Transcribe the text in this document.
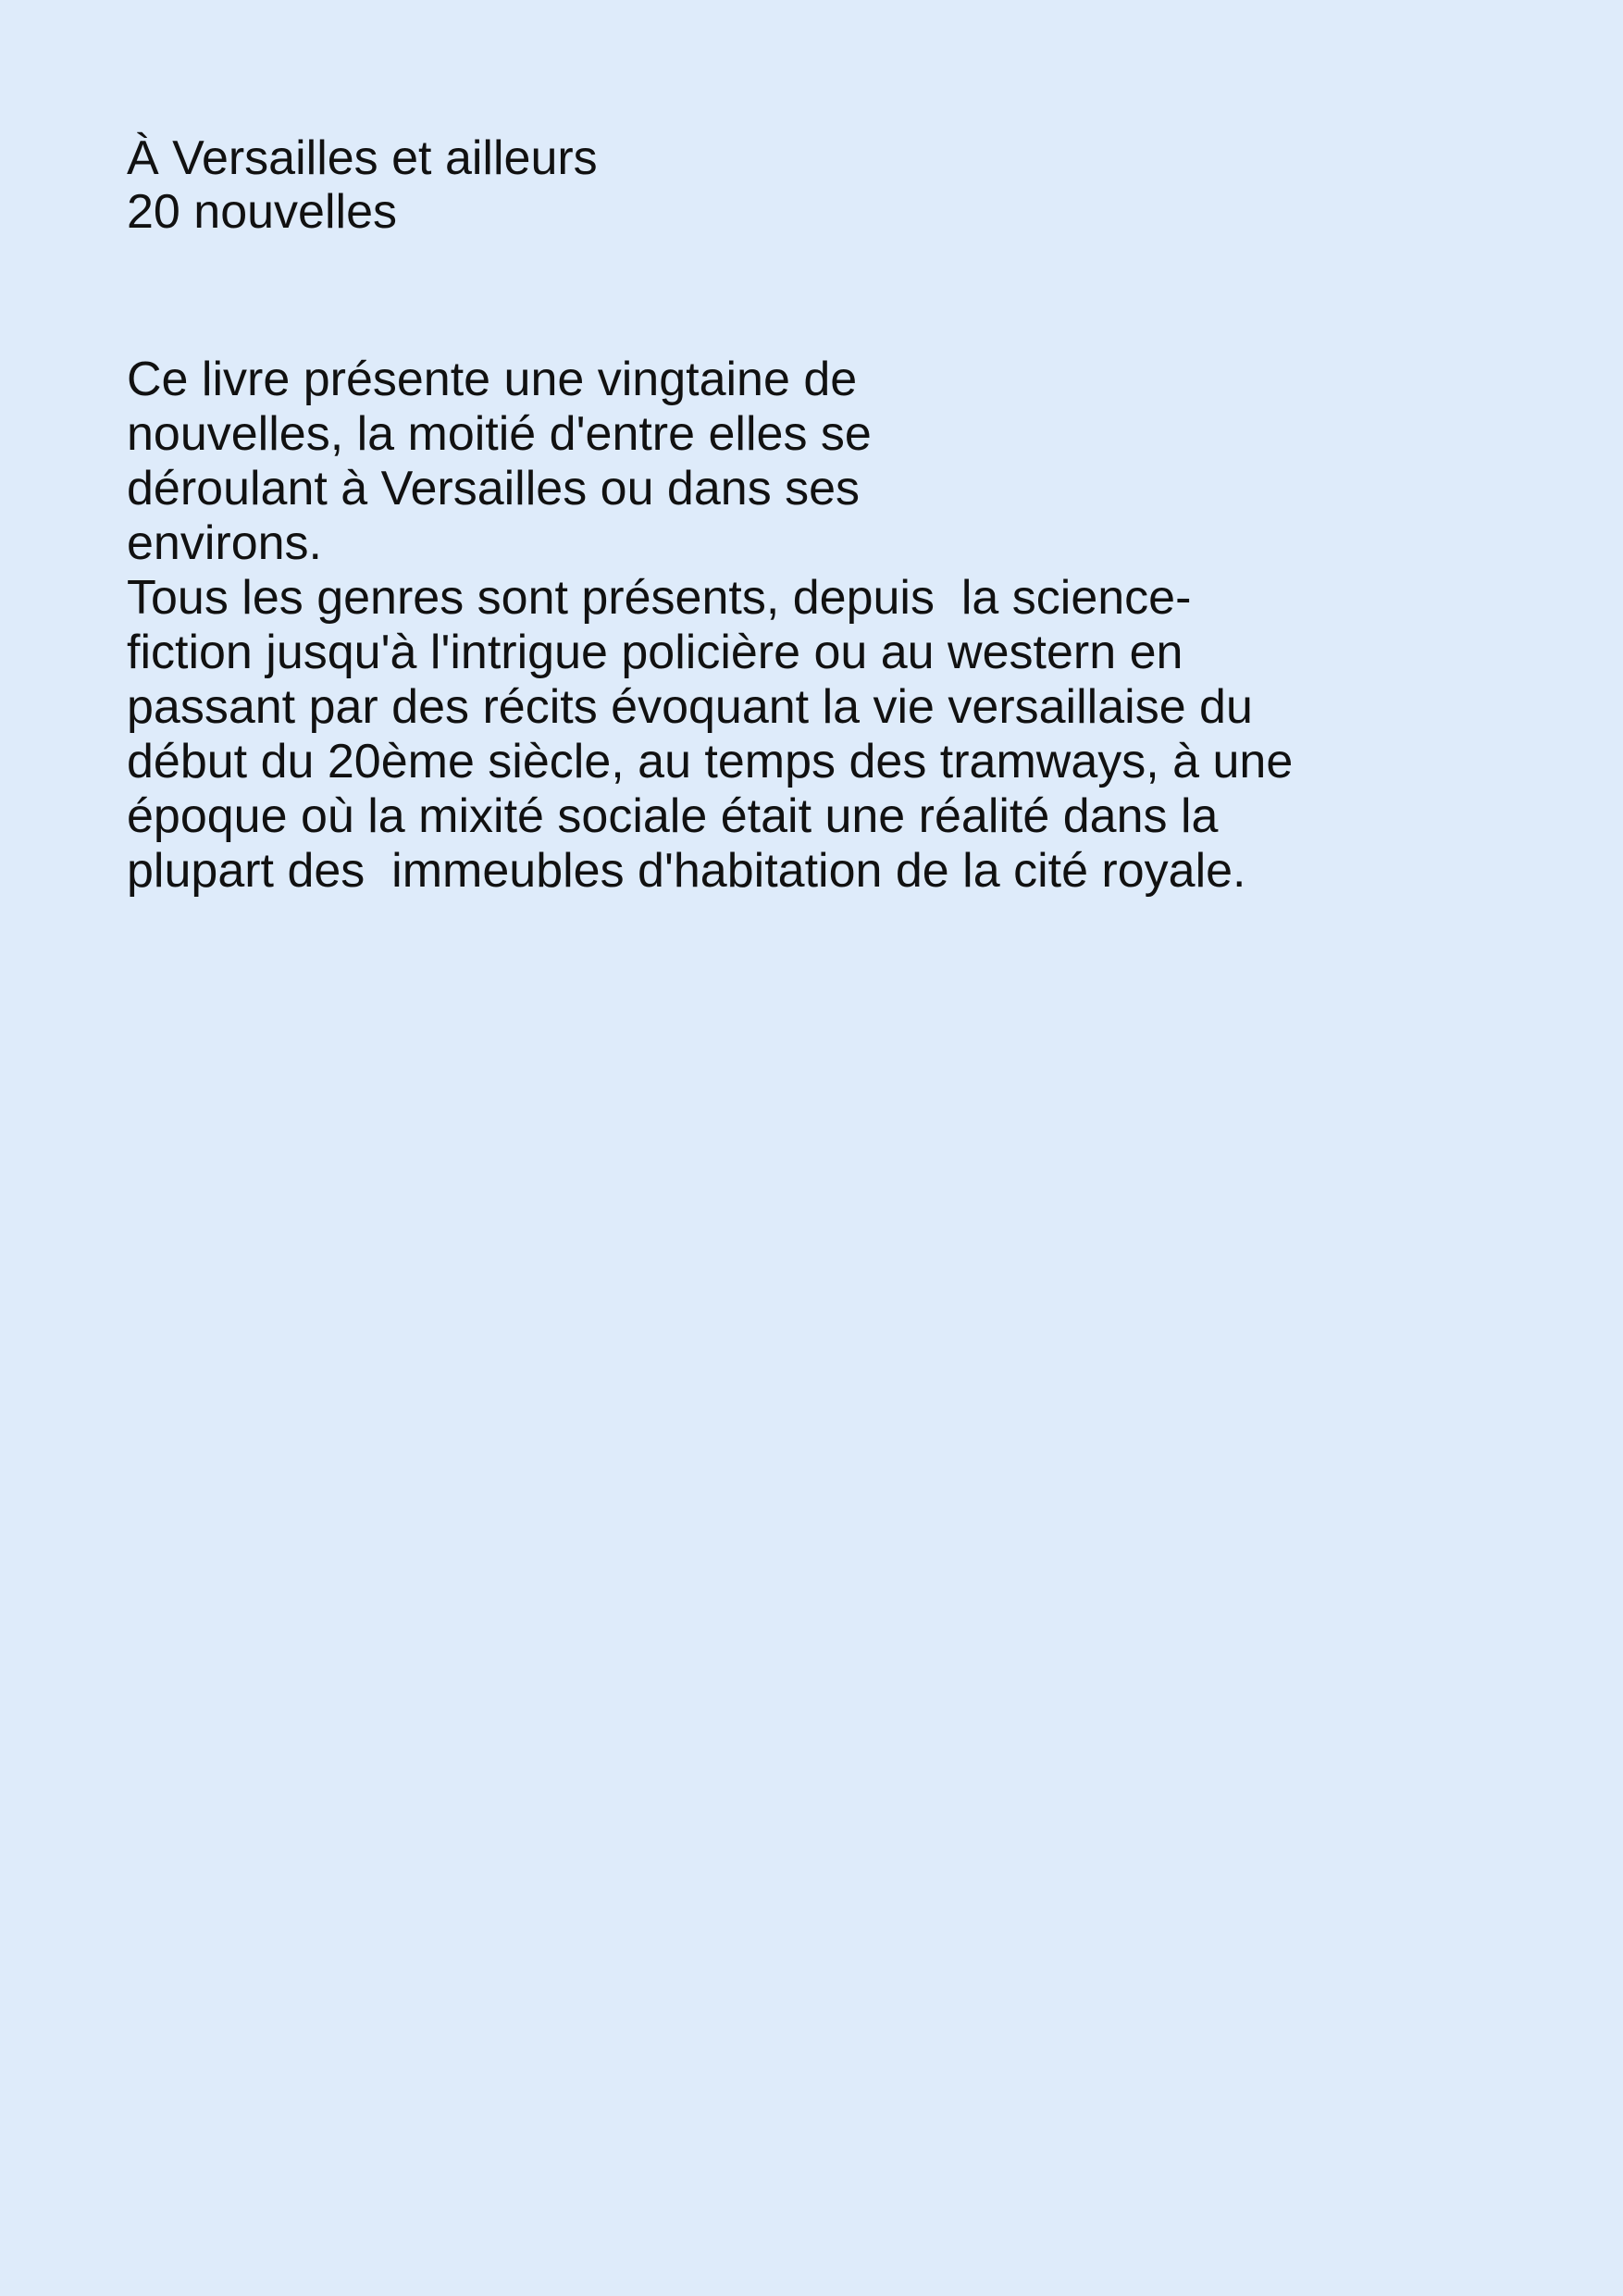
À Versailles et ailleurs

20 nouvelles

Ce livre présente une vingtaine de

nouvelles, la moitié d'entre elles se

déroulant à Versailles ou dans ses

environs.

Tous les genres sont présents, depuis  la science-

fiction jusqu'à l'intrigue policière ou au western en

passant par des récits évoquant la vie versaillaise du

début du 20ème siècle, au temps des tramways, à une

époque où la mixité sociale était une réalité dans la

plupart des  immeubles d'habitation de la cité royale.
